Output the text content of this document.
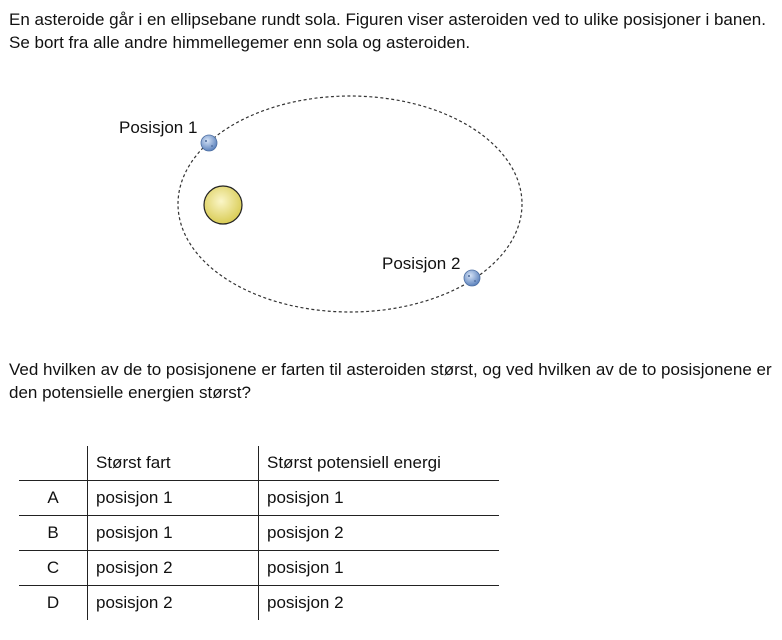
En asteroide går i en ellipsebane rundt sola. Figuren viser asteroiden ved to ulike posisjoner i banen. Se bort fra alle andre himmellegemer enn sola og asteroiden.

Posisjon 1
Posisjon 2

Ved hvilken av de to posisjonene er farten til asteroiden størst, og ved hvilken av de to posisjonene er den potensielle energien størst?

	Størst fart	Størst potensiell energi
A	posisjon 1	posisjon 1
B	posisjon 1	posisjon 2
C	posisjon 2	posisjon 1
D	posisjon 2	posisjon 2
